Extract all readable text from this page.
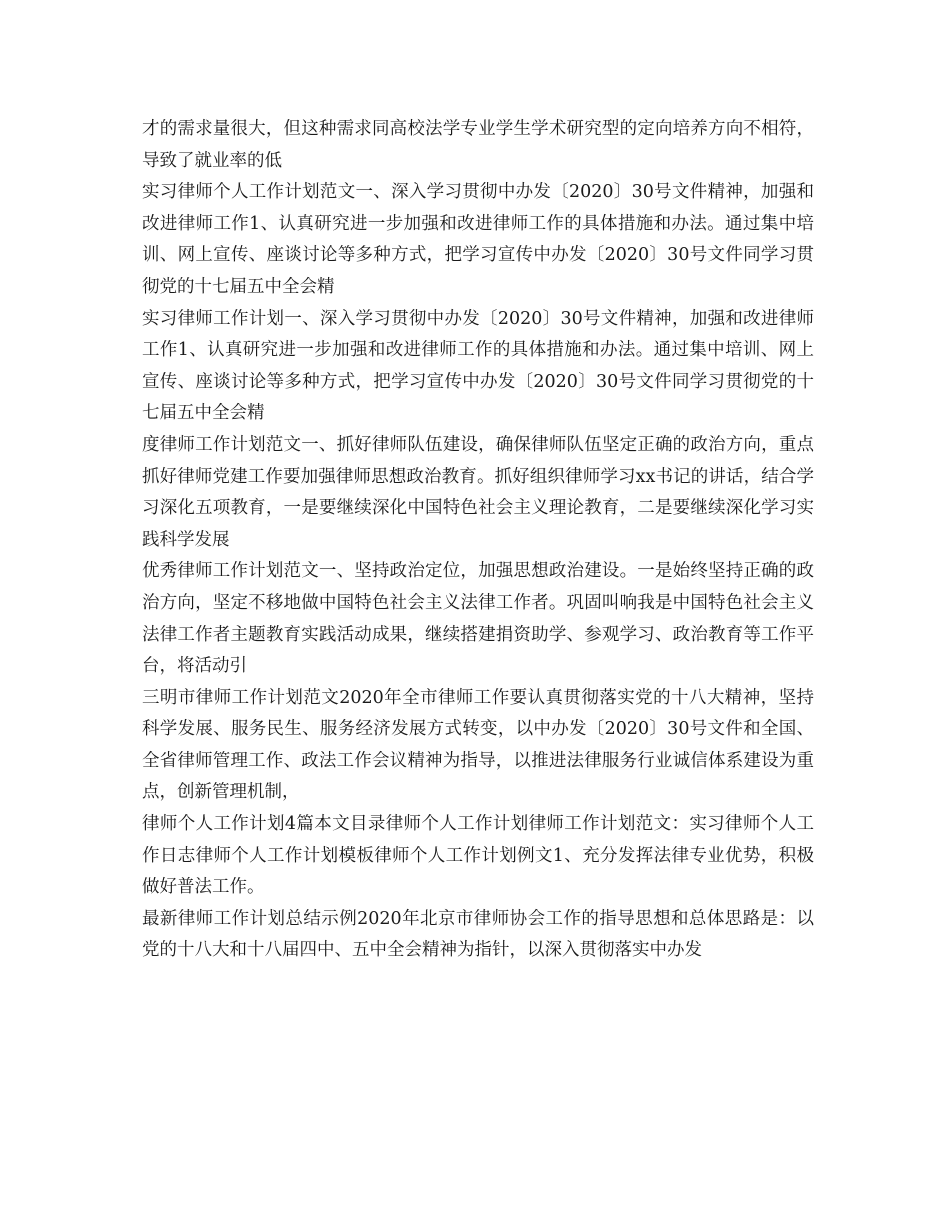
才的需求量很大，但这种需求同高校法学专业学生学术研究型的定向培养方向不相符，导致了就业率的低

实习律师个人工作计划范文一、深入学习贯彻中办发〔2020〕30号文件精神，加强和改进律师工作1、认真研究进一步加强和改进律师工作的具体措施和办法。通过集中培训、网上宣传、座谈讨论等多种方式，把学习宣传中办发〔2020〕30号文件同学习贯彻党的十七届五中全会精

实习律师工作计划一、深入学习贯彻中办发〔2020〕30号文件精神，加强和改进律师工作1、认真研究进一步加强和改进律师工作的具体措施和办法。通过集中培训、网上宣传、座谈讨论等多种方式，把学习宣传中办发〔2020〕30号文件同学习贯彻党的十七届五中全会精

度律师工作计划范文一、抓好律师队伍建设，确保律师队伍坚定正确的政治方向，重点抓好律师党建工作要加强律师思想政治教育。抓好组织律师学习xx书记的讲话，结合学习深化五项教育，一是要继续深化中国特色社会主义理论教育，二是要继续深化学习实践科学发展

优秀律师工作计划范文一、坚持政治定位，加强思想政治建设。一是始终坚持正确的政治方向，坚定不移地做中国特色社会主义法律工作者。巩固叫响我是中国特色社会主义法律工作者主题教育实践活动成果，继续搭建捐资助学、参观学习、政治教育等工作平台，将活动引

三明市律师工作计划范文2020年全市律师工作要认真贯彻落实党的十八大精神，坚持科学发展、服务民生、服务经济发展方式转变，以中办发〔2020〕30号文件和全国、全省律师管理工作、政法工作会议精神为指导，以推进法律服务行业诚信体系建设为重点，创新管理机制，

律师个人工作计划4篇本文目录律师个人工作计划律师工作计划范文：实习律师个人工作日志律师个人工作计划模板律师个人工作计划例文1、充分发挥法律专业优势，积极做好普法工作。

最新律师工作计划总结示例2020年北京市律师协会工作的指导思想和总体思路是：以党的十八大和十八届四中、五中全会精神为指针，以深入贯彻落实中办发
